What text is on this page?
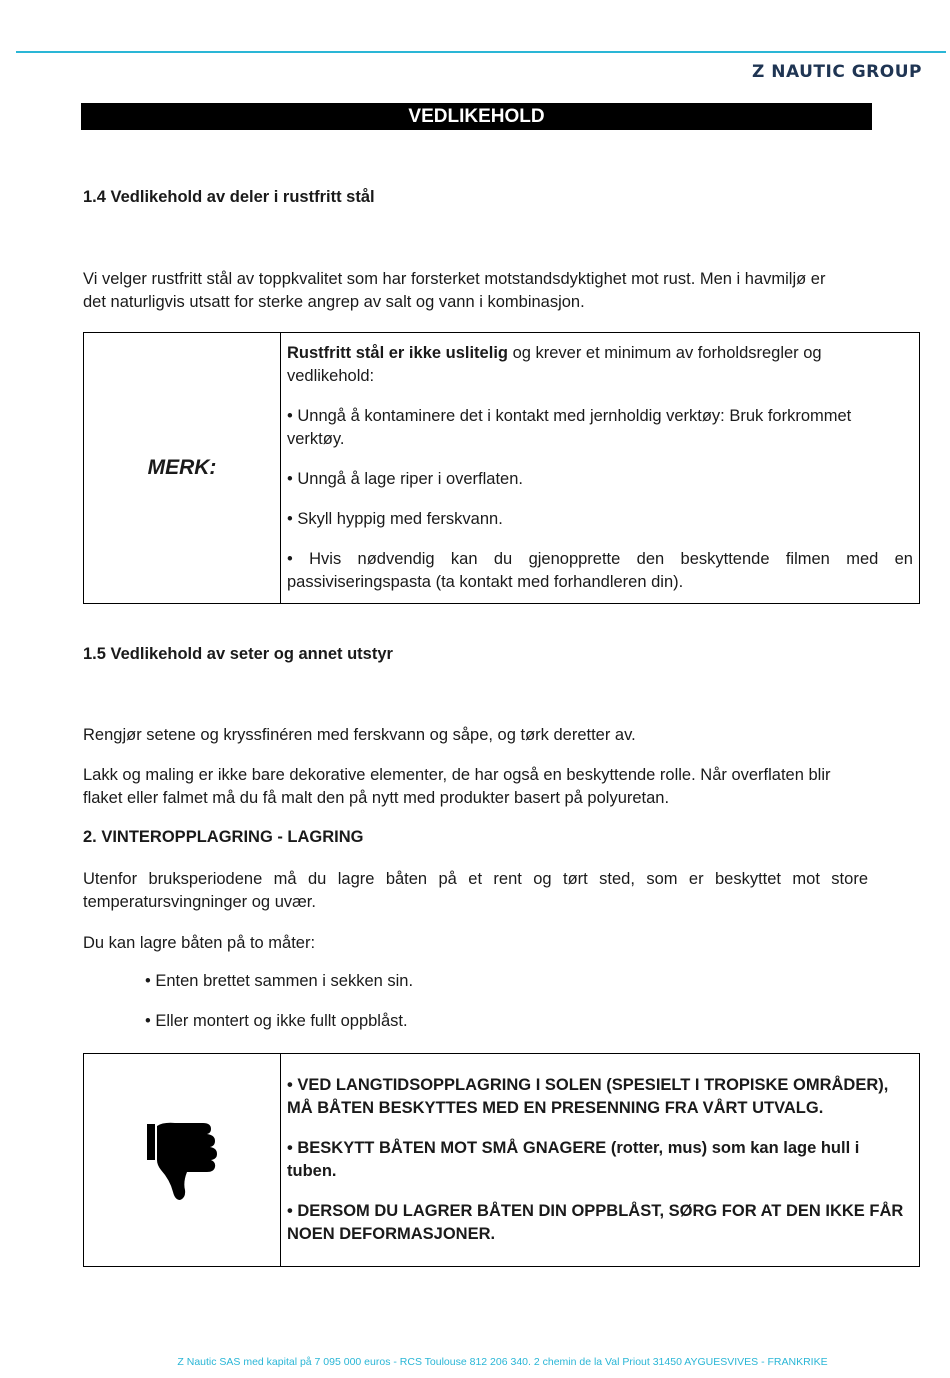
Z NAUTIC GROUP
VEDLIKEHOLD
1.4 Vedlikehold av deler i rustfritt stål
Vi velger rustfritt stål av toppkvalitet som har forsterket motstandsdyktighet mot rust. Men i havmiljø er
det naturligvis utsatt for sterke angrep av salt og vann i kombinasjon.
MERK:	
Rustfritt stål er ikke uslitelig og krever et minimum av forholdsregler og vedlikehold:
• Unngå å kontaminere det i kontakt med jernholdig verktøy: Bruk forkrommet verktøy.
• Unngå å lage riper i overflaten.
• Skyll hyppig med ferskvann.
• Hvis nødvendig kan du gjenopprette den beskyttende filmen med en passiviseringspasta (ta kontakt med forhandleren din).
1.5 Vedlikehold av seter og annet utstyr
Rengjør setene og kryssfinéren med ferskvann og såpe, og tørk deretter av.
Lakk og maling er ikke bare dekorative elementer, de har også en beskyttende rolle. Når overflaten blir
flaket eller falmet må du få malt den på nytt med produkter basert på polyuretan.
2. VINTEROPPLAGRING - LAGRING
Utenfor bruksperiodene må du lagre båten på et rent og tørt sted, som er beskyttet mot store temperatursvingninger og uvær.
Du kan lagre båten på to måter:
• Enten brettet sammen i sekken sin.
• Eller montert og ikke fullt oppblåst.

• VED LANGTIDSOPPLAGRING I SOLEN (SPESIELT I TROPISKE OMRÅDER), MÅ BÅTEN BESKYTTES MED EN PRESENNING FRA VÅRT UTVALG.
• BESKYTT BÅTEN MOT SMÅ GNAGERE (rotter, mus) som kan lage hull i tuben.
• DERSOM DU LAGRER BÅTEN DIN OPPBLÅST, SØRG FOR AT DEN IKKE FÅR NOEN DEFORMASJONER.
Z Nautic SAS med kapital på 7 095 000 euros - RCS Toulouse 812 206 340. 2 chemin de la Val Priout 31450 AYGUESVIVES - FRANKRIKE
